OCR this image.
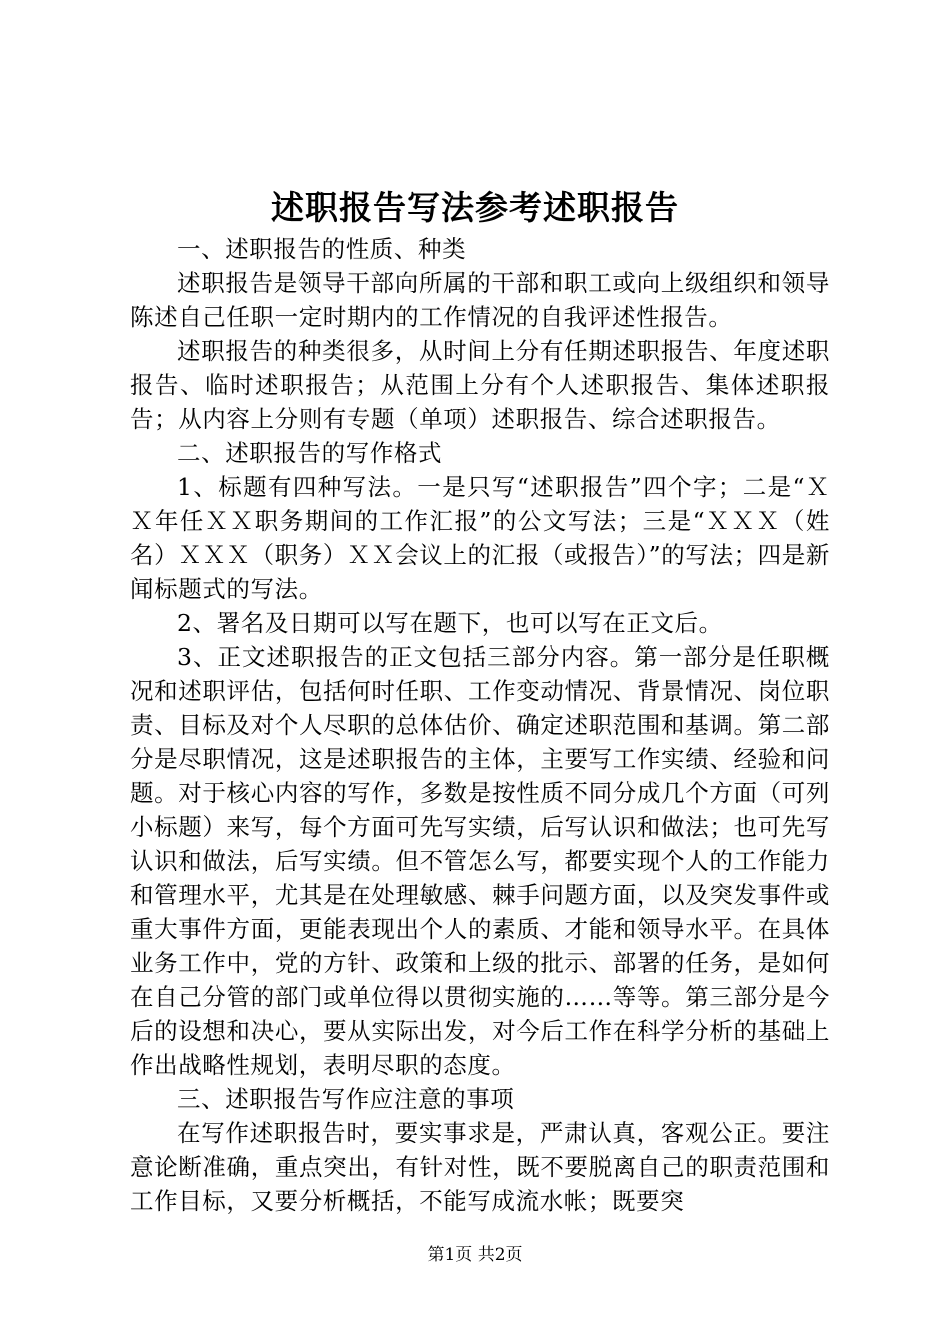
述职报告写法参考述职报告

一、述职报告的性质、种类

述职报告是领导干部向所属的干部和职工或向上级组织和领导陈述自己任职一定时期内的工作情况的自我评述性报告。

述职报告的种类很多，从时间上分有任期述职报告、年度述职报告、临时述职报告；从范围上分有个人述职报告、集体述职报告；从内容上分则有专题（单项）述职报告、综合述职报告。

二、述职报告的写作格式

1、标题有四种写法。一是只写“述职报告”四个字；二是“ＸＸ年任ＸＸ职务期间的工作汇报”的公文写法；三是“ＸＸＸ（姓名）ＸＸＸ（职务）ＸＸ会议上的汇报（或报告）”的写法；四是新闻标题式的写法。

2、署名及日期可以写在题下，也可以写在正文后。

3、正文述职报告的正文包括三部分内容。第一部分是任职概况和述职评估，包括何时任职、工作变动情况、背景情况、岗位职责、目标及对个人尽职的总体估价、确定述职范围和基调。第二部分是尽职情况，这是述职报告的主体，主要写工作实绩、经验和问题。对于核心内容的写作，多数是按性质不同分成几个方面（可列小标题）来写，每个方面可先写实绩，后写认识和做法；也可先写认识和做法，后写实绩。但不管怎么写，都要实现个人的工作能力和管理水平，尤其是在处理敏感、棘手问题方面，以及突发事件或重大事件方面，更能表现出个人的素质、才能和领导水平。在具体业务工作中，党的方针、政策和上级的批示、部署的任务，是如何在自己分管的部门或单位得以贯彻实施的……等等。第三部分是今后的设想和决心，要从实际出发，对今后工作在科学分析的基础上作出战略性规划，表明尽职的态度。

三、述职报告写作应注意的事项

在写作述职报告时，要实事求是，严肃认真，客观公正。要注意论断准确，重点突出，有针对性，既不要脱离自己的职责范围和工作目标，又要分析概括，不能写成流水帐；既要突

第1页 共2页
